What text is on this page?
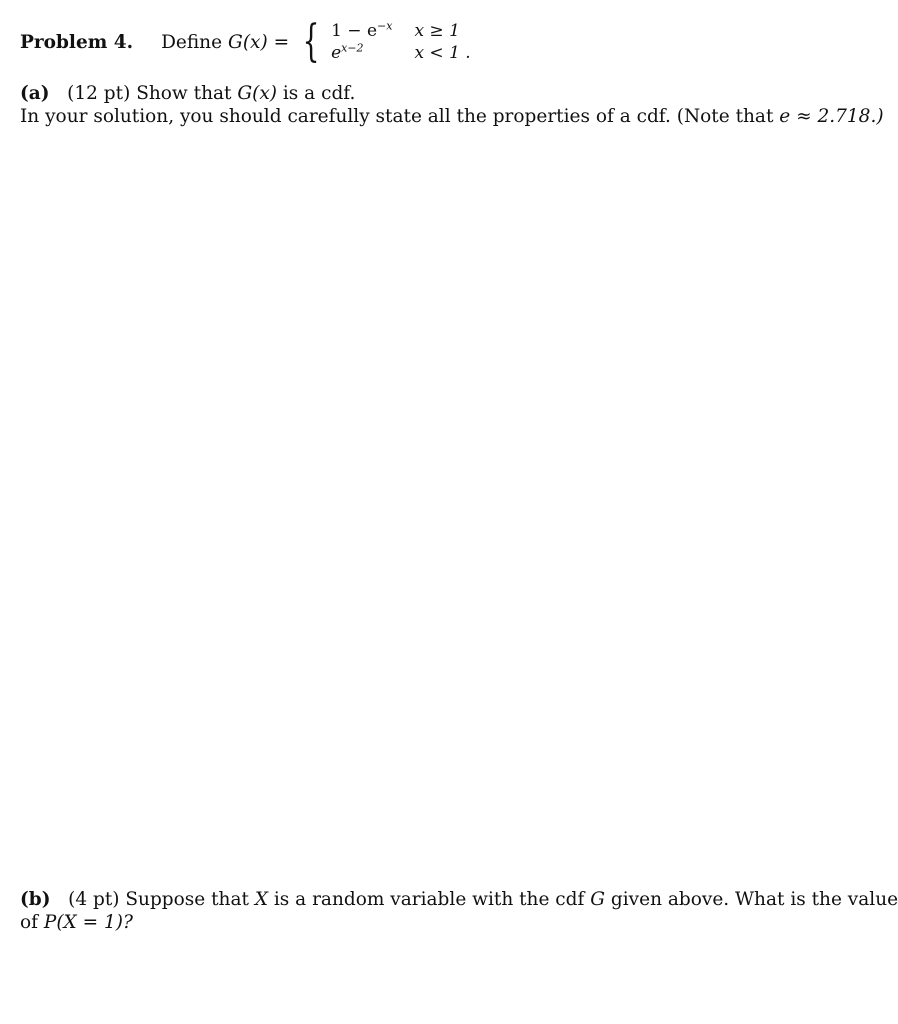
Problem 4. Define G(x) = { $1 - e^{-x}$ x ≥ 1
$e^{x-2}$	x < 1 .
(a) (12 pt) Show that G(x) is a cdf.
In your solution, you should carefully state all the properties of a cdf. (Note that e ≈ 2.718.)
(b) (4 pt) Suppose that X is a random variable with the cdf G given above. What is the value
of P(X = 1)?
